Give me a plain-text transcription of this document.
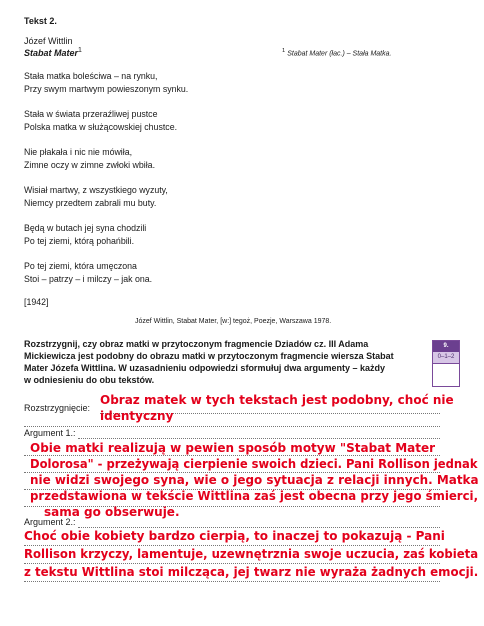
Tekst 2.
Józef Wittlin
Stabat Mater$^1$	$^1$ Stabat Mater (łac.) – Stała Matka.
Stała matka boleściwa – na rynku,
Przy swym martwym powieszonym synku.
Stała w świata przeraźliwej pustce
Polska matka w służącowskiej chustce.
Nie płakała i nic nie mówiła,
Zimne oczy w zimne zwłoki wbiła.
Wisiał martwy, z wszystkiego wyzuty,
Niemcy przedtem zabrali mu buty.
Będą w butach jej syna chodzili
Po tej ziemi, którą pohańbili.
Po tej ziemi, która umęczona
Stoi – patrzy – i milczy – jak ona.
[1942]
Józef Wittlin, Stabat Mater, [w:] tegoż, Poezje, Warszawa 1978.
Rozstrzygnij, czy obraz matki w przytoczonym fragmencie Dziadów cz. III Adama
Mickiewicza jest podobny do obrazu matki w przytoczonym fragmencie wiersza Stabat
Mater Józefa Wittlina. W uzasadnieniu odpowiedzi sformułuj dwa argumenty – każdy
w odniesieniu do obu tekstów.
9.
0–1–2
Rozstrzygnięcie:
Obraz matek w tych tekstach jest podobny, choć nie
identyczny
Argument 1.:
Obie matki realizują w pewien sposób motyw "Stabat Mater
Dolorosa" - przeżywają cierpienie swoich dzieci. Pani Rollison jednak
nie widzi swojego syna, wie o jego sytuacja z relacji innych. Matka
przedstawiona w tekście Wittlina zaś jest obecna przy jego śmierci,
sama go obserwuje.
Argument 2.:
Choć obie kobiety bardzo cierpią, to inaczej to pokazują - Pani
Rollison krzyczy, lamentuje, uzewnętrznia swoje uczucia, zaś kobieta
z tekstu Wittlina stoi milcząca, jej twarz nie wyraża żadnych emocji.
